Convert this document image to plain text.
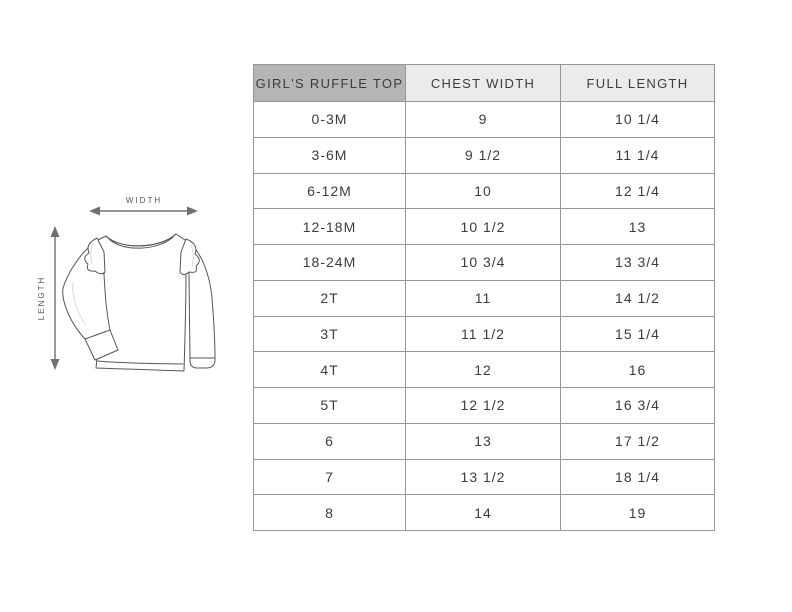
WIDTH
LENGTH
GIRL'S RUFFLE TOP	CHEST WIDTH	FULL LENGTH
0-3M	9	10 1/4
3-6M	9 1/2	11 1/4
6-12M	10	12 1/4
12-18M	10 1/2	13
18-24M	10 3/4	13 3/4
2T	11	14 1/2
3T	11 1/2	15 1/4
4T	12	16
5T	12 1/2	16 3/4
6	13	17 1/2
7	13 1/2	18 1/4
8	14	19
